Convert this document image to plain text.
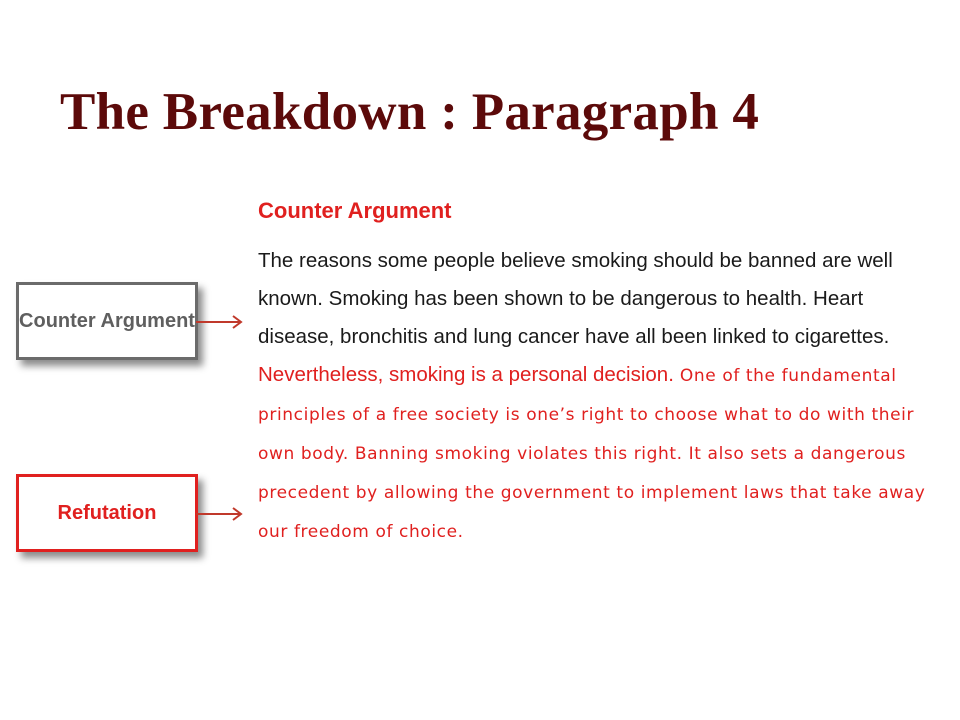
The Breakdown : Paragraph 4
Counter Argument
Refutation

Counter Argument

The reasons some people believe smoking should be banned are well known. Smoking has been shown to be dangerous to health. Heart disease, bronchitis and lung cancer have all been linked to cigarettes. Nevertheless, smoking is a personal decision. One of the fundamental principles of a free society is one’s right to choose what to do with their own body. Banning smoking violates this right. It also sets a dangerous precedent by allowing the government to implement laws that take away our freedom of choice.
